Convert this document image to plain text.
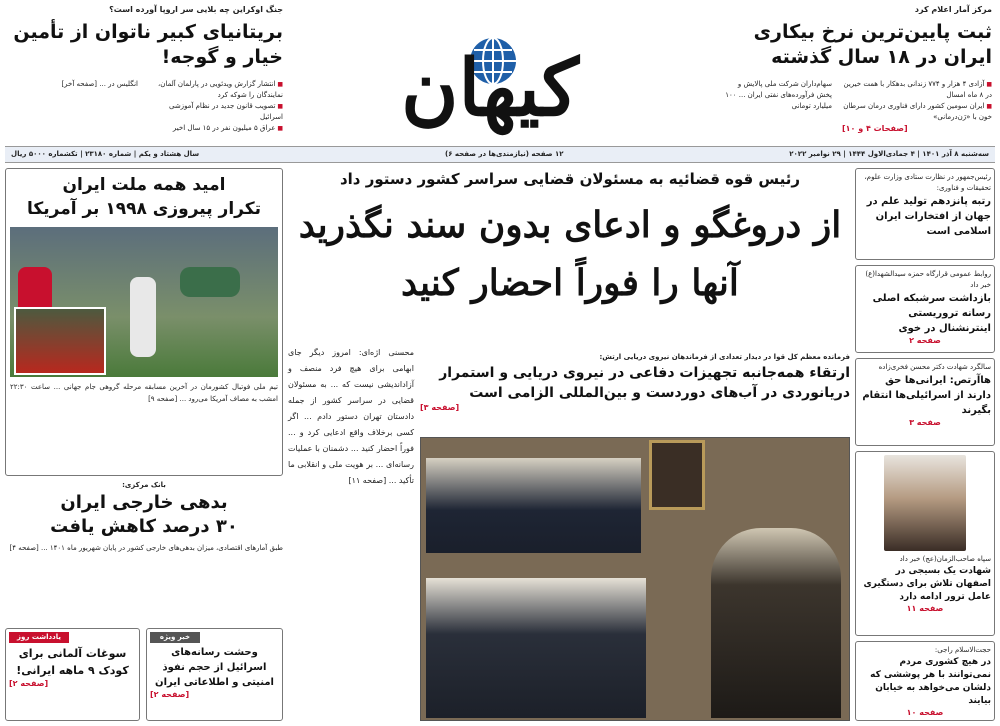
مرکز آمار اعلام کرد
ثبت پایین‌ترین نرخ بیکاری ایران در ۱۸ سال گذشته
■ آزادی ۴ هزار و ۷۷۴ زندانی بدهکار با همت خیرین در ۸ ماه امسال
■ ایران سومین کشور دارای فناوری درمان سرطان خون با «ژن‌درمانی»
[صفحات ۴ و ۱۰]
سهام‌داران شرکت ملی پالایش و پخش فرآورده‌های نفتی ایران ... ۱۰۰ میلیارد تومانی
کیهان
جنگ اوکراین چه بلایی سر اروپا آورده است؟
بریتانیای کبیر ناتوان از تأمین خیار و گوجه!
■ انتشار گزارش ویدئویی در پارلمان آلمان، نمایندگان را شوکه کرد
■ تصویب قانون جدید در نظام آموزشی اسرائیل
■ عراق ۵ میلیون نفر در ۱۵ سال اخیر
انگلیس در ... [صفحه آخر]
سه‌شنبه ۸ آذر ۱۴۰۱ | ۴ جمادی‌الاول ۱۴۴۴ | ۲۹ نوامبر ۲۰۲۲
۱۲ صفحه (نیازمندی‌ها در صفحه ۶)
سال هشتاد و یکم | شماره ۲۳۱۸۰ | تکشماره ۵۰۰۰ ریال
رئیس‌جمهور در نظارت ستادی وزارت علوم، تحقیقات و فناوری:
رتبه پانزدهم تولید علم در جهان از افتخارات ایران اسلامی است
روابط عمومی قرارگاه حمزه سیدالشهدا(ع) خبر داد
بازداشت سرشبکه اصلی رسانه تروریستی اینترنشنال در خوی
صفحه ۲
سالگرد شهادت دکتر محسن فخری‌زاده
هاآرتص: ایرانی‌ها حق دارند از اسرائیلی‌ها انتقام بگیرند
صفحه ۳
سپاه صاحب‌الزمان(عج) خبر داد
شهادت یک بسیجی در اصفهان تلاش برای دستگیری عامل ترور ادامه دارد
صفحه ۱۱
حجت‌الاسلام راجی:
در هیچ کشوری مردم نمی‌توانند با هر پوششی که دلشان می‌خواهد به خیابان بیایند
صفحه ۱۰
رئیس قوه قضائیه به مسئولان قضایی سراسر کشور دستور داد
از دروغگو و ادعای بدون سند نگذرید
آنها را فوراً احضار کنید
محسنی اژه‌ای: امروز دیگر جای ابهامی برای هیچ فرد منصف و آزاداندیشی نیست که ... به مسئولان قضایی در سراسر کشور از جمله دادستان تهران دستور دادم ... اگر کسی برخلاف واقع ادعایی کرد و ... فوراً احضار کنید ... دشمنان با عملیات رسانه‌ای ... بر هویت ملی و انقلابی ما تأکید ... [صفحه ۱۱]
فرمانده معظم کل قوا در دیدار تعدادی از فرماندهان نیروی دریایی ارتش:
ارتقاء همه‌جانبه تجهیزات دفاعی در نیروی دریایی و استمرار دریانوردی در آب‌های دوردست و بین‌المللی الزامی است
[صفحه ۳]
امید همه ملت ایران
تکرار پیروزی ۱۹۹۸ بر آمریکا
تیم ملی فوتبال کشورمان در آخرین مسابقه مرحله گروهی جام جهانی ... ساعت ۲۲:۳۰ امشب به مصاف آمریکا می‌رود ... [صفحه ۹]
بانک مرکزی:
بدهی خارجی ایران
۳۰ درصد کاهش یافت
طبق آمارهای اقتصادی، میزان بدهی‌های خارجی کشور در پایان شهریور ماه ۱۴۰۱ ... [صفحه ۴]
یادداشت روز
سوغات آلمانی برای کودک ۹ ماهه ایرانی!
[صفحه ۲]
خبر ویژه
وحشت رسانه‌های اسرائیل از حجم نفوذ امنیتی و اطلاعاتی ایران
[صفحه ۲]
